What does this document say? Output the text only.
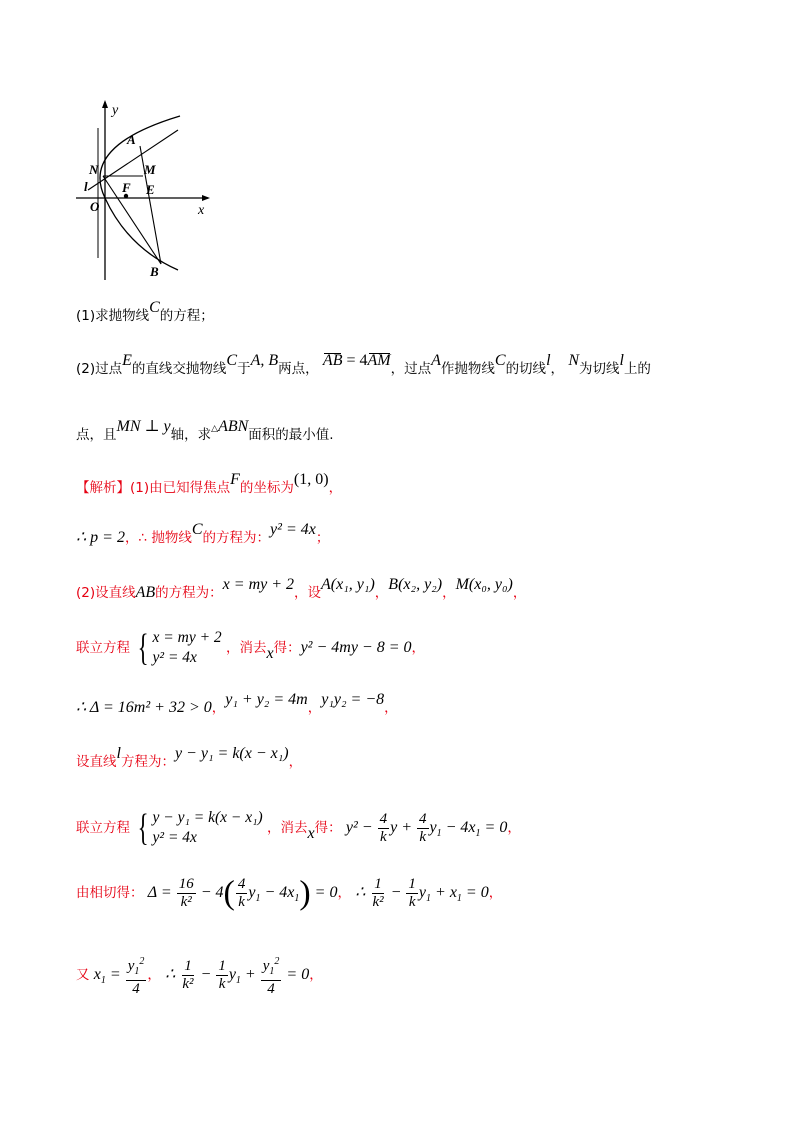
y
A
N	M
l	F E
O	x
B
(1)求抛物线C的方程；
(2)过点E的直线交抛物线C于A, B两点， AB = 4AM，过点A作抛物线C的切线l， N为切线l上的
点，且MN ⊥ y轴，求△ABN面积的最小值.
【解析】(1)由已知得焦点F的坐标为(1, 0)，
∴ p = 2，∴ 抛物线C的方程为：y² = 4x；
(2)设直线AB的方程为：x = my + 2，设A(x₁, y₁)，B(x₂, y₂)，M(x₀, y₀)，
联立方程 { x = my + 2
y² = 4x
，消去x得：y² − 4my − 8 = 0，
∴ Δ = 16m² + 32 > 0，y₁ + y₂ = 4m，y₁y₂ = −8，
设直线l方程为：y − y₁ = k(x − x₁)，
联立方程 { y − y₁ = k(x − x₁)
y² = 4x
，消去x得： $y^2 - \frac{4}{k}$ $y + \frac{4}{k} y_1 - 4x_1 = 0$，
由相切得： $\Delta = \frac{16}{\text{k²}} - 4( \frac{4}{k} y_1 - 4x_1) = 0$， ∴ $\frac{1}{\text{k²}} - \frac{1}{k} y_1 + x_1 = 0$，
又 $x_1 = \frac{y_1^2}{4}$ ， ∴ $\frac{1}{\text{k²}} - \frac{1}{k} y_1 + \frac{y_1^2}{4} = 0$，
